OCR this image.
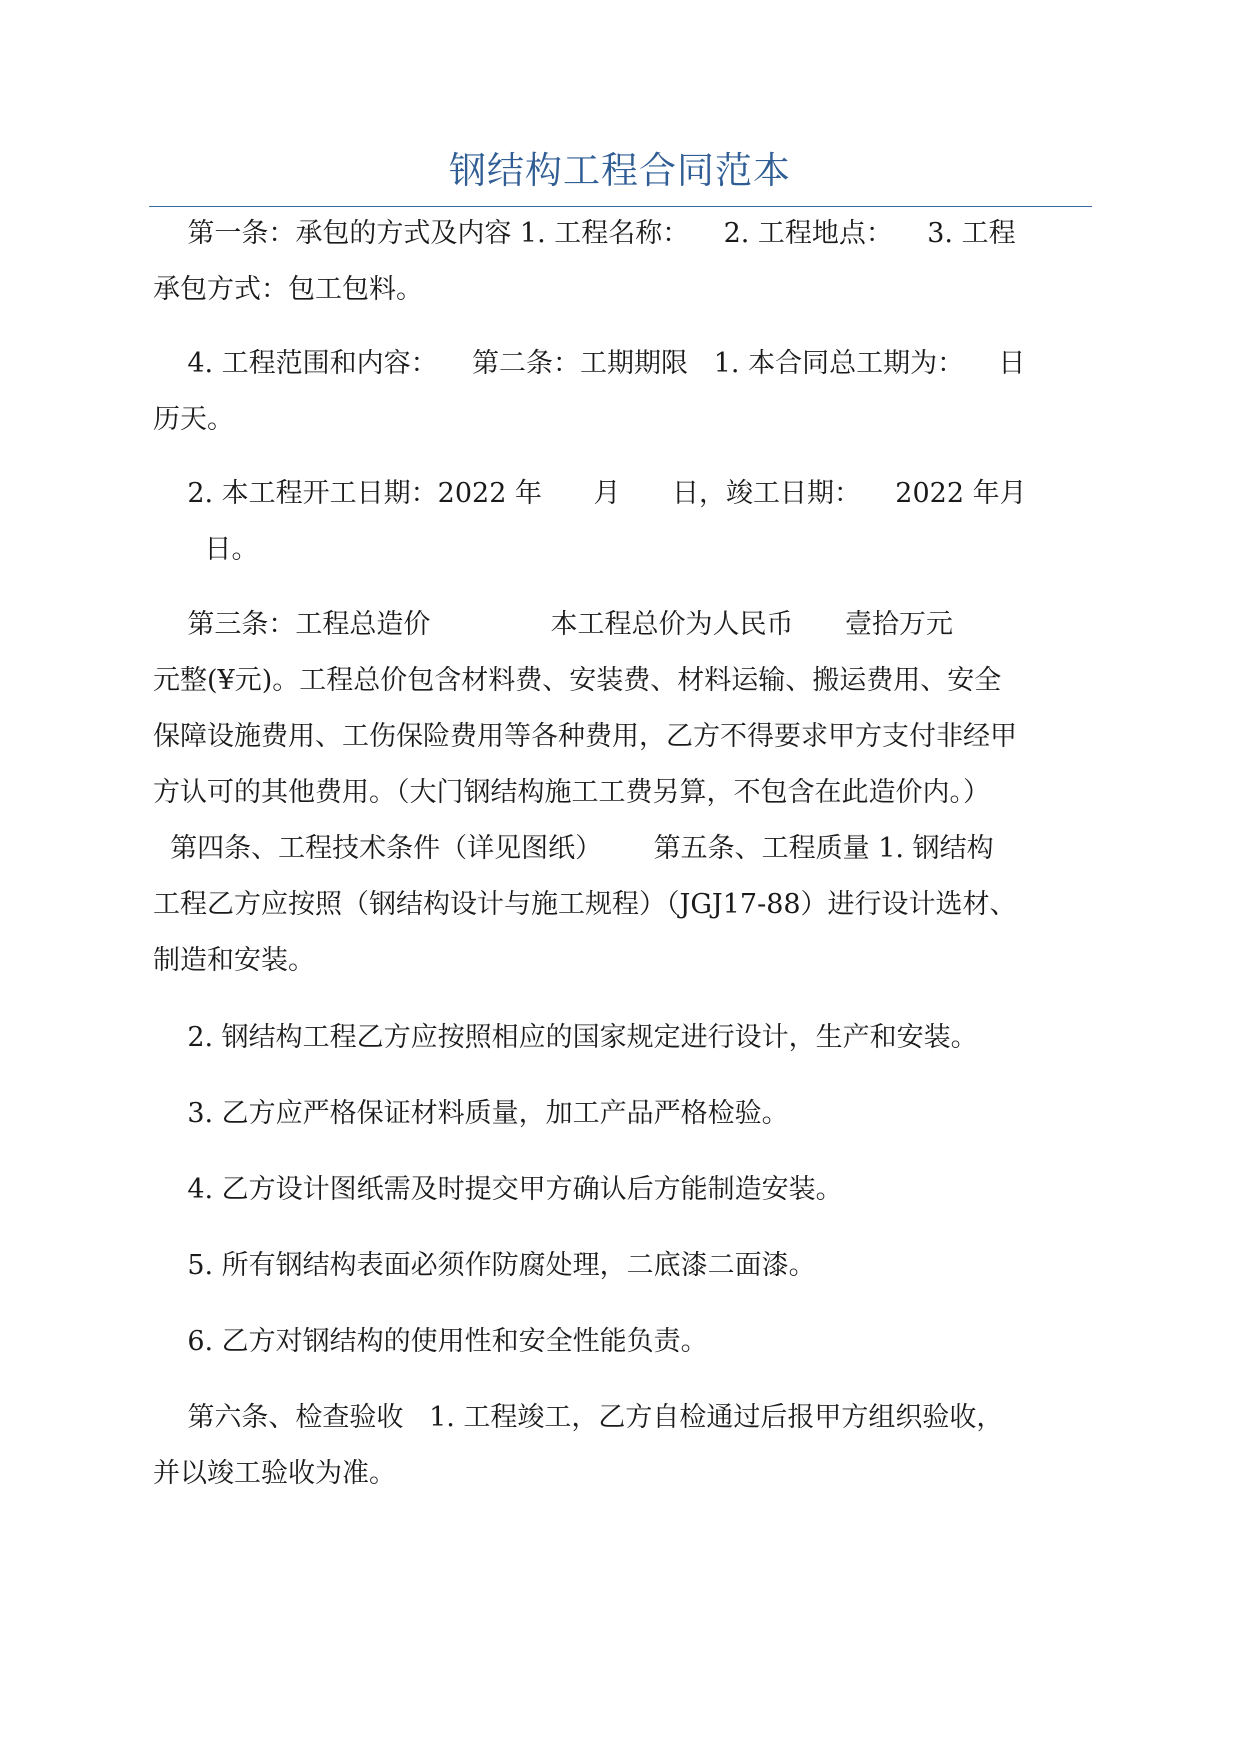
钢结构工程合同范本

第一条：承包的方式及内容 1. 工程名称：    2. 工程地点：    3. 工程

承包方式：包工包料。

4. 工程范围和内容：    第二条：工期期限   1. 本合同总工期为：    日

历天。

2. 本工程开工日期：2022 年      月      日，竣工日期：    2022 年月

日。

第三条：工程总造价              本工程总价为人民币      壹拾万元

元整(¥元)。工程总价包含材料费、安装费、材料运输、搬运费用、安全

保障设施费用、工伤保险费用等各种费用，乙方不得要求甲方支付非经甲

方认可的其他费用。（大门钢结构施工工费另算，不包含在此造价内。）

第四条、工程技术条件（详见图纸）      第五条、工程质量 1. 钢结构

工程乙方应按照（钢结构设计与施工规程）（JGJ17-88）进行设计选材、

制造和安装。

2. 钢结构工程乙方应按照相应的国家规定进行设计，生产和安装。

3. 乙方应严格保证材料质量，加工产品严格检验。

4. 乙方设计图纸需及时提交甲方确认后方能制造安装。

5. 所有钢结构表面必须作防腐处理，二底漆二面漆。

6. 乙方对钢结构的使用性和安全性能负责。

第六条、检查验收   1. 工程竣工，乙方自检通过后报甲方组织验收，

并以竣工验收为准。
